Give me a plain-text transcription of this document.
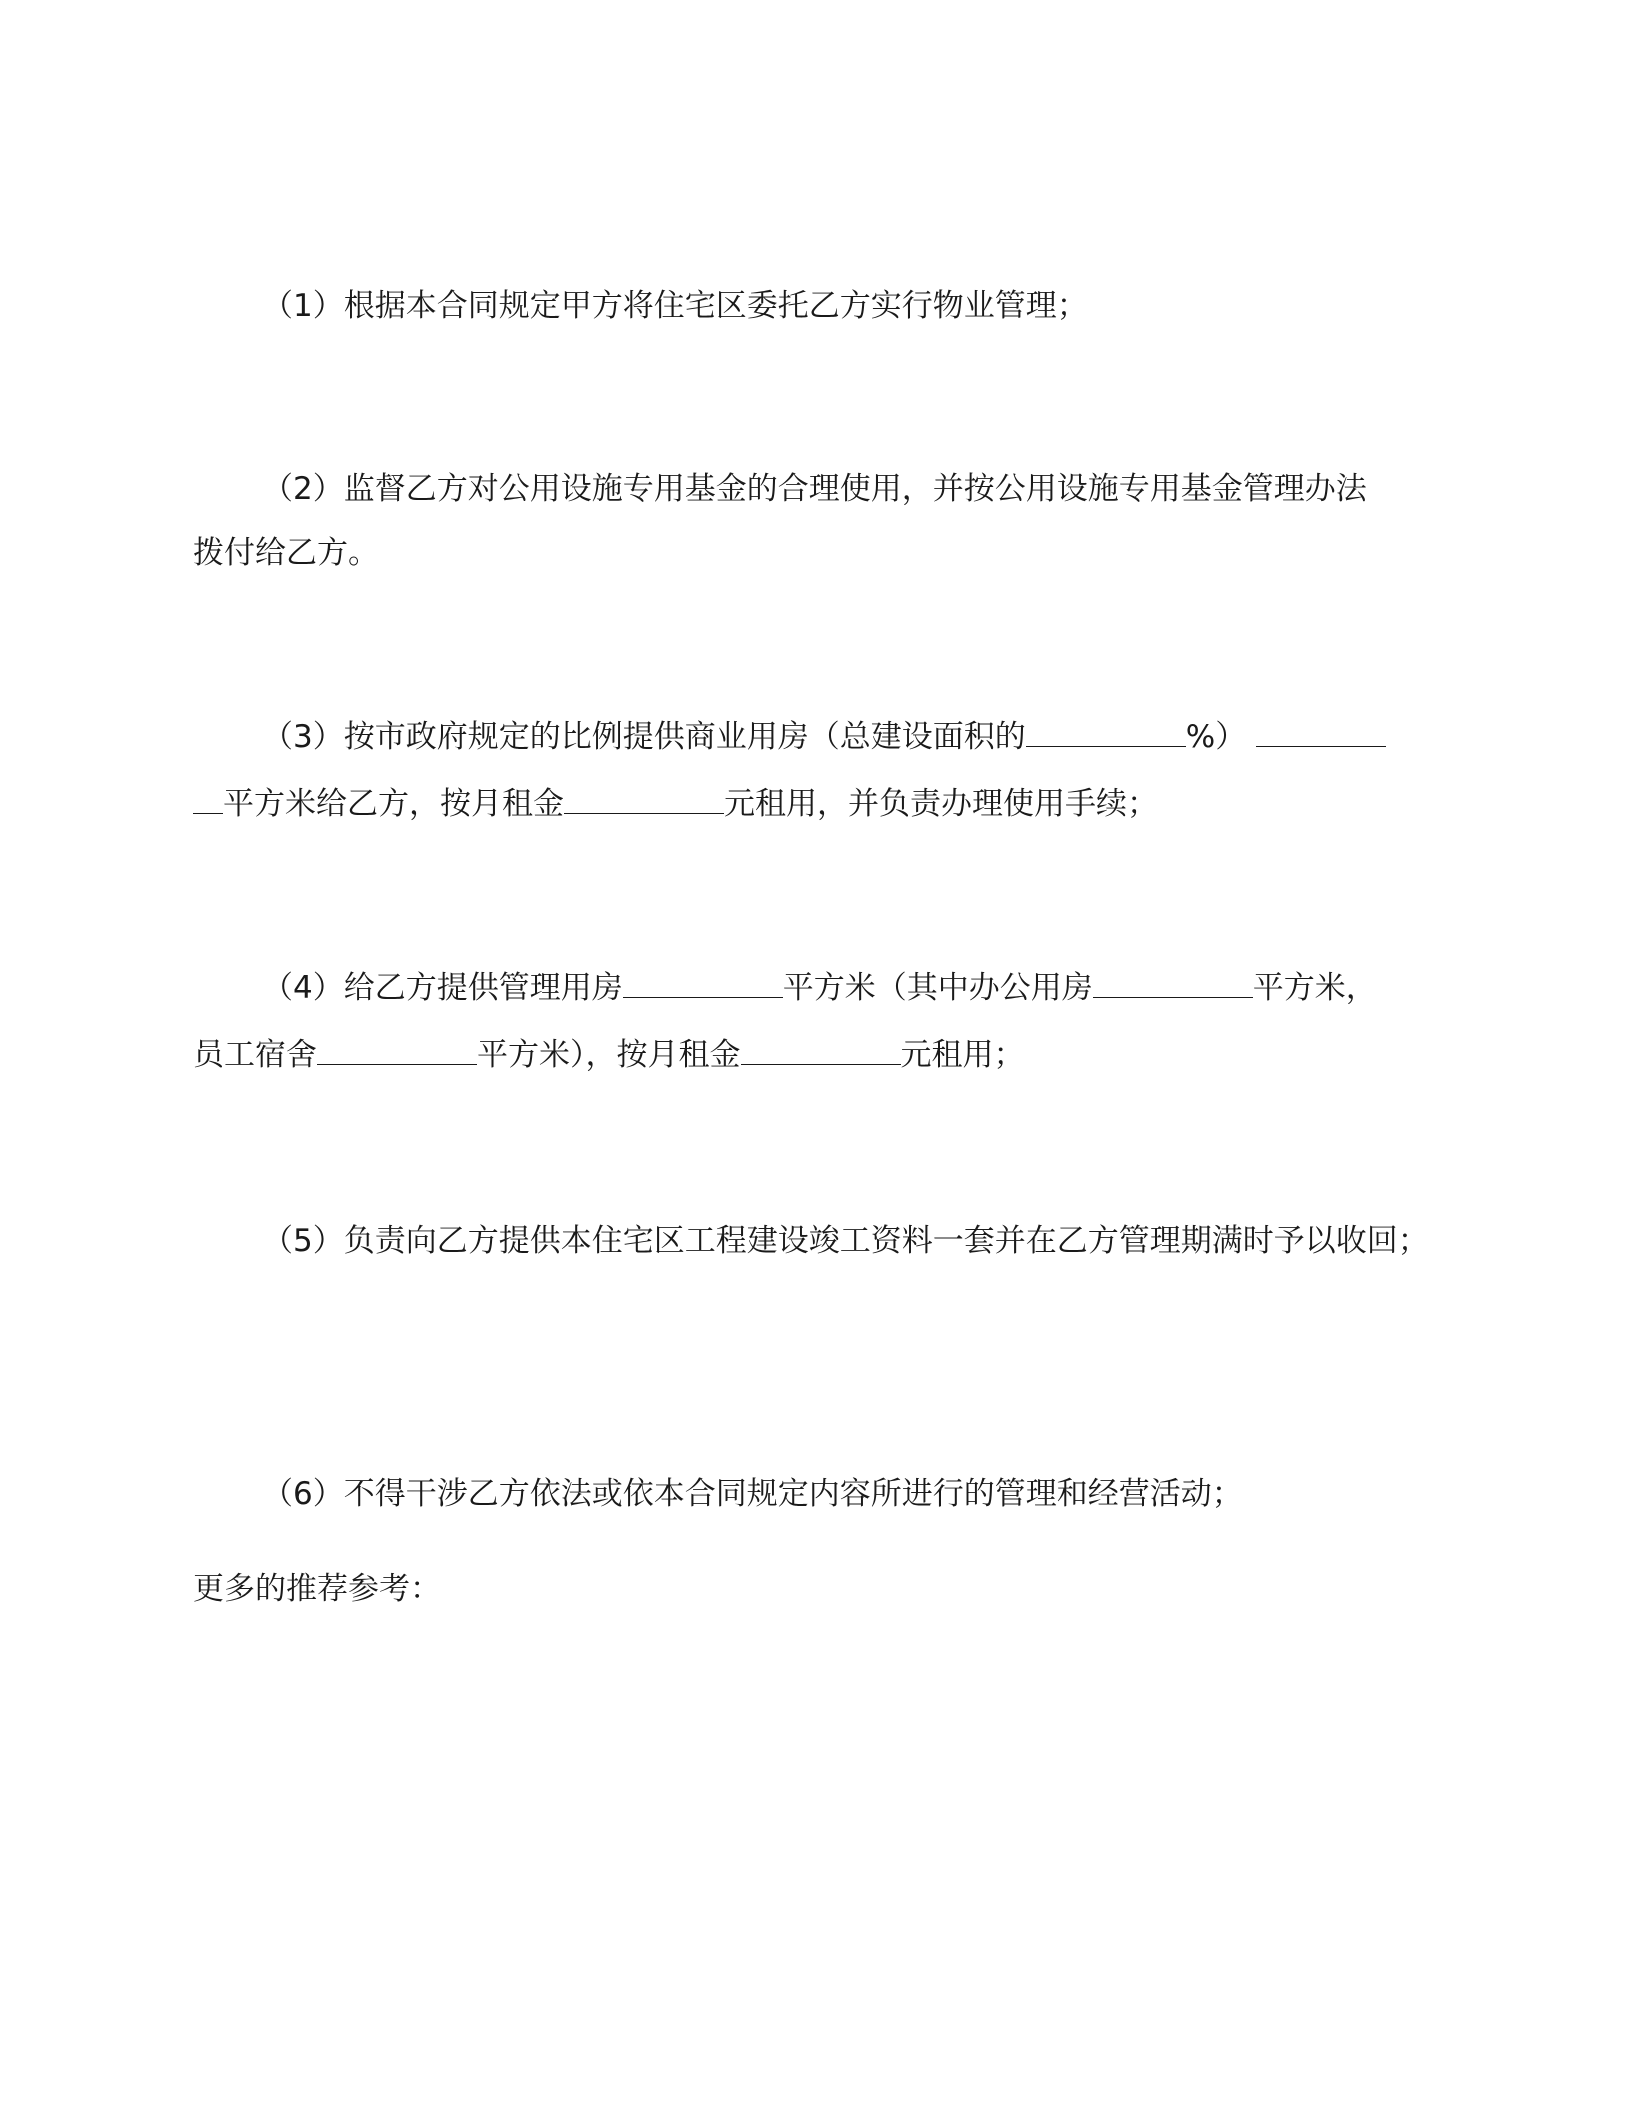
（1）根据本合同规定甲方将住宅区委托乙方实行物业管理；
（2）监督乙方对公用设施专用基金的合理使用，并按公用设施专用基金管理办法
拨付给乙方。
（3）按市政府规定的比例提供商业用房（总建设面积的	%）
平方米给乙方，按月租金	元租用，并负责办理使用手续；
（4）给乙方提供管理用房	平方米（其中办公用房	平方米，
员工宿舍	平方米），按月租金	元租用；
（5）负责向乙方提供本住宅区工程建设竣工资料一套并在乙方管理期满时予以收回；
（6）不得干涉乙方依法或依本合同规定内容所进行的管理和经营活动；
更多的推荐参考：
